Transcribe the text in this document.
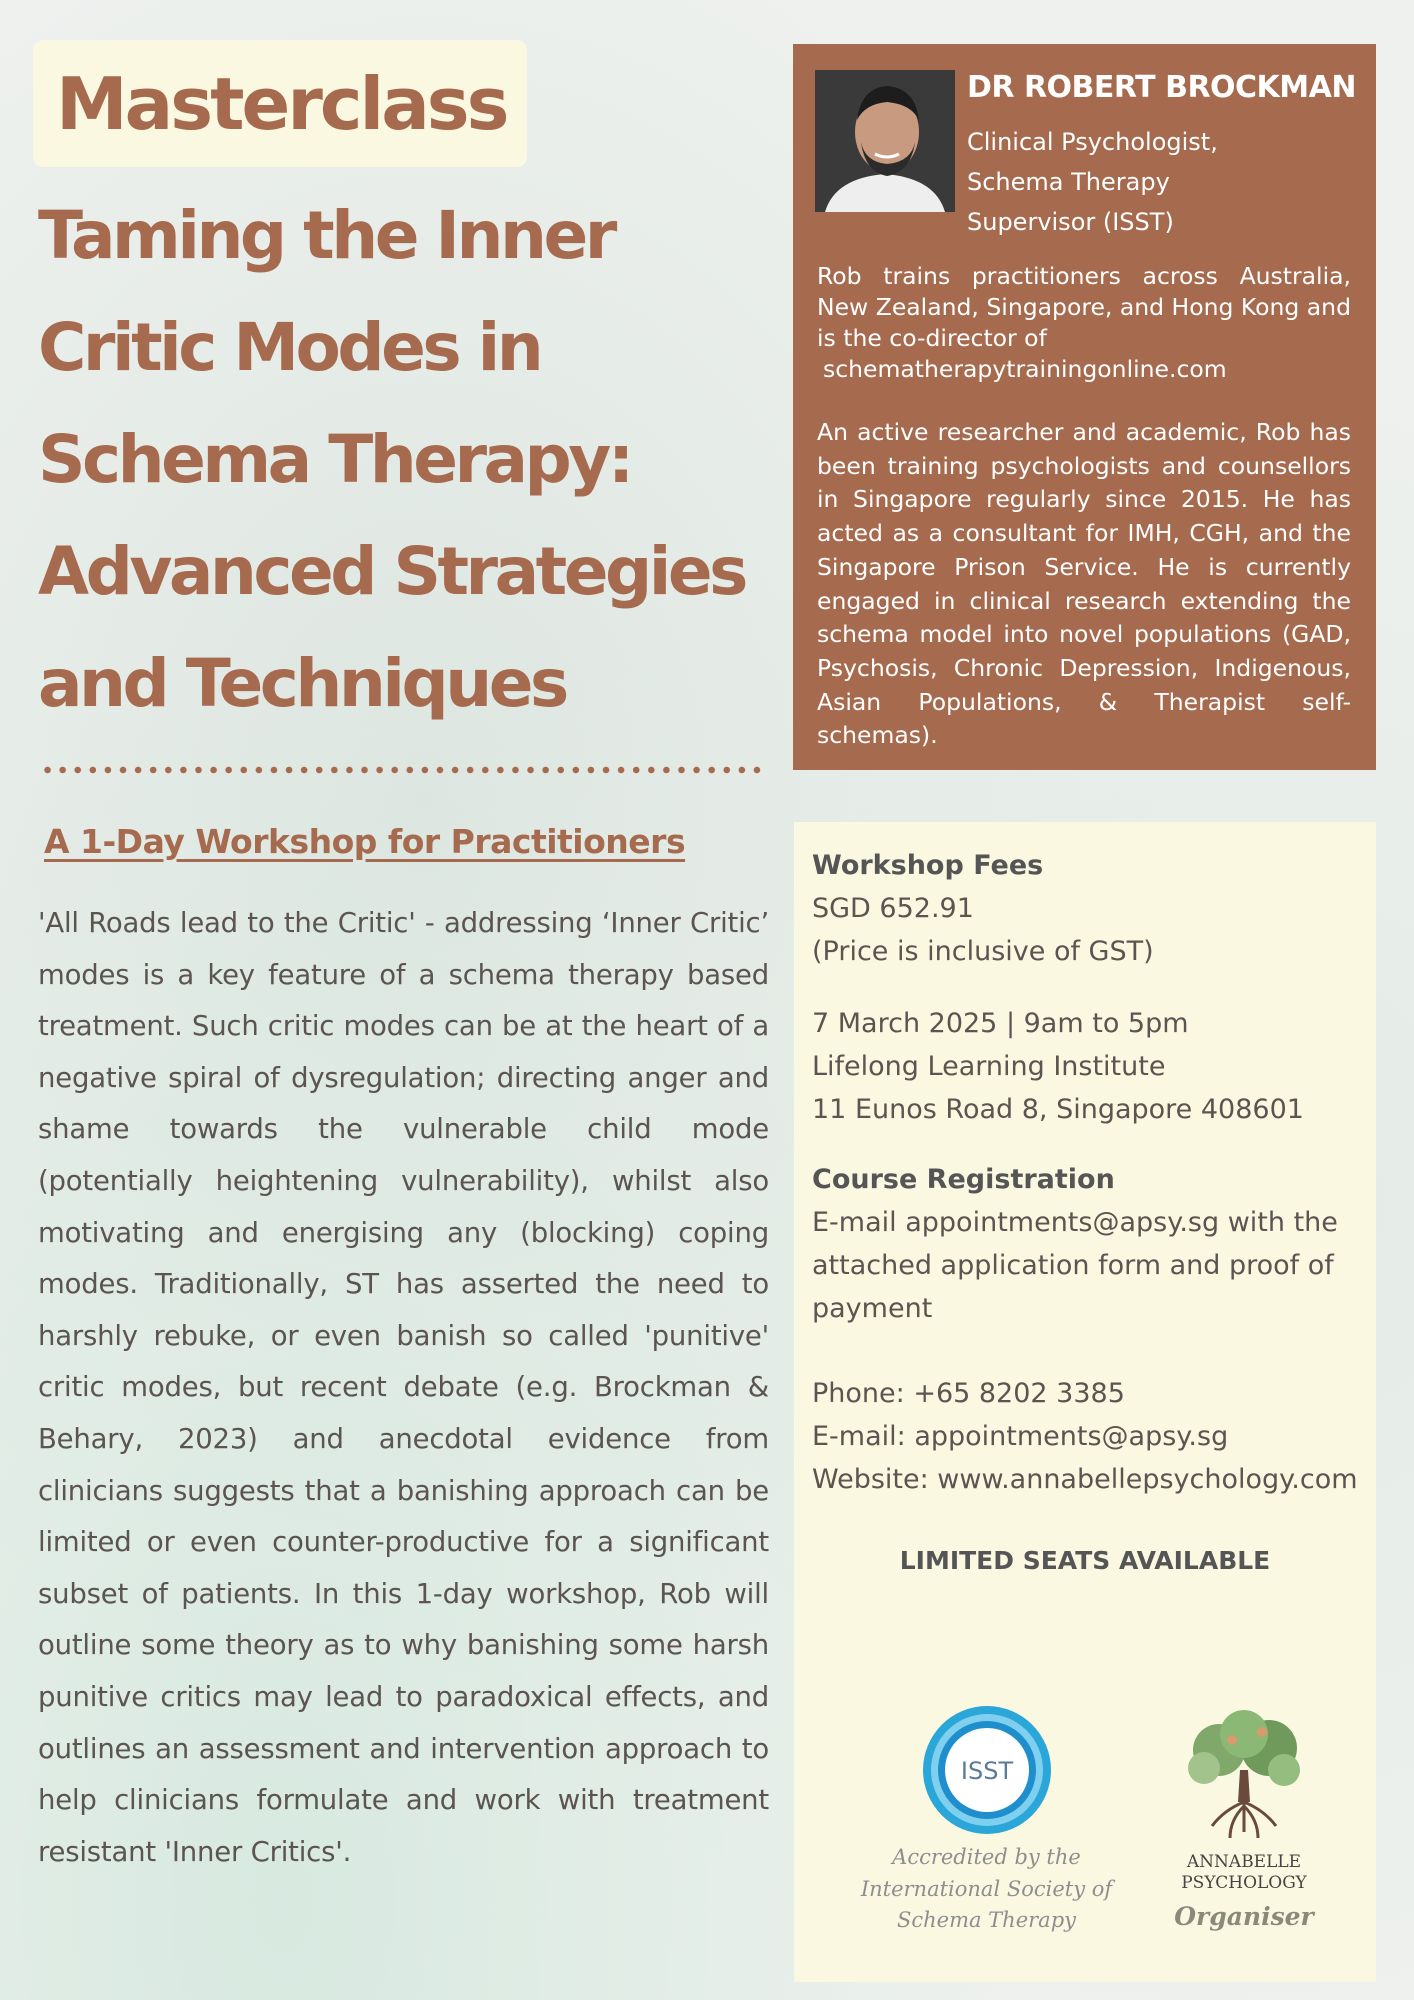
Masterclass
Taming the Inner
Critic Modes in
Schema Therapy:
Advanced Strategies
and Techniques
A 1-Day Workshop for Practitioners

'All Roads lead to the Critic' - addressing ‘Inner Critic’ modes is a key feature of a schema therapy based treatment. Such critic modes can be at the heart of a negative spiral of dysregulation; directing anger and shame towards the vulnerable child mode (potentially heightening vulnerability), whilst also motivating and energising any (blocking) coping modes. Traditionally, ST has asserted the need to harshly rebuke, or even banish so called 'punitive' critic modes, but recent debate (e.g. Brockman & Behary, 2023) and anecdotal evidence from clinicians suggests that a banishing approach can be limited or even counter-productive for a significant subset of patients. In this 1-day workshop, Rob will outline some theory as to why banishing some harsh punitive critics may lead to paradoxical effects, and outlines an assessment and intervention approach to help clinicians formulate and work with treatment resistant 'Inner Critics'.

DR ROBERT BROCKMAN
Clinical Psychologist,
Schema Therapy
Supervisor (ISST)

Rob trains practitioners across Australia, New Zealand, Singapore, and Hong Kong and is the co-director of
schematherapytrainingonline.com

An active researcher and academic, Rob has been training psychologists and counsellors in Singapore regularly since 2015. He has acted as a consultant for IMH, CGH, and the Singapore Prison Service. He is currently engaged in clinical research extending the schema model into novel populations (GAD, Psychosis, Chronic Depression, Indigenous, Asian Populations, & Therapist self-schemas).

Workshop Fees
SGD 652.91
(Price is inclusive of GST)
7 March 2025 | 9am to 5pm
Lifelong Learning Institute
11 Eunos Road 8, Singapore 408601
Course Registration
E-mail appointments@apsy.sg with the attached application form and proof of payment
Phone: +65 8202 3385
E-mail: appointments@apsy.sg
Website: www.annabellepsychology.com
LIMITED SEATS AVAILABLE
ISST
Accredited by the
International Society of
Schema Therapy
ANNABELLE
PSYCHOLOGY
Organiser
